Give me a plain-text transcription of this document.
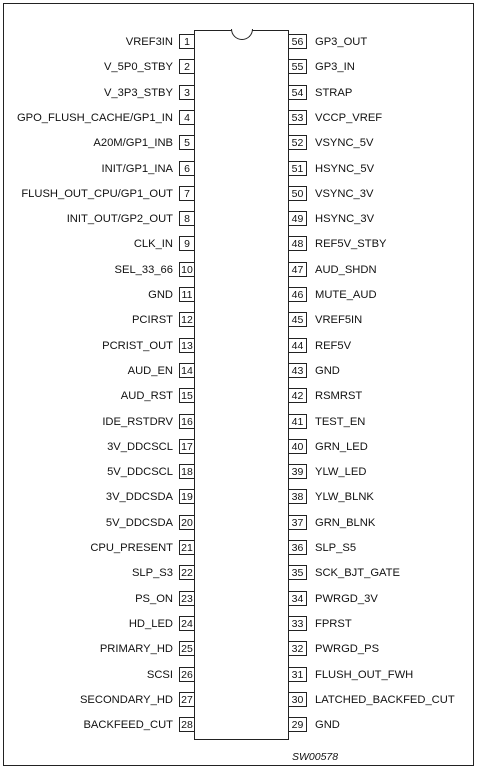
VREF3IN	1
V_5P0_STBY	2
V_3P3_STBY	3
GPO_FLUSH_CACHE/GP1_IN	4
A20M/GP1_INB	5
INIT/GP1_INA	6
FLUSH_OUT_CPU/GP1_OUT	7
INIT_OUT/GP2_OUT	8
CLK_IN	9
SEL_33_66 10
GND 11
PCIRST 12
PCRIST_OUT 13
AUD_EN 14
AUD_RST 15
IDE_RSTDRV 16
3V_DDCSCL 17
5V_DDCSCL 18
3V_DDCSDA 19
5V_DDCSDA 20
CPU_PRESENT 21
SLP_S3 22
PS_ON 23
HD_LED 24
PRIMARY_HD 25
SCSI 26
SECONDARY_HD 27
BACKFEED_CUT 28
56	GP3_OUT
55	GP3_IN
54	STRAP
53	VCCP_VREF
52	VSYNC_5V
51	HSYNC_5V
50	VSYNC_3V
49	HSYNC_3V
48	REF5V_STBY
47	AUD_SHDN
46	MUTE_AUD
45	VREF5IN
44	REF5V
43	GND
42	RSMRST
41	TEST_EN
40	GRN_LED
39	YLW_LED
38	YLW_BLNK
37	GRN_BLNK
36	SLP_S5
35	SCK_BJT_GATE
34	PWRGD_3V
33	FPRST
32	PWRGD_PS
31	FLUSH_OUT_FWH
30	LATCHED_BACKFED_CUT
29	GND
SW00578
